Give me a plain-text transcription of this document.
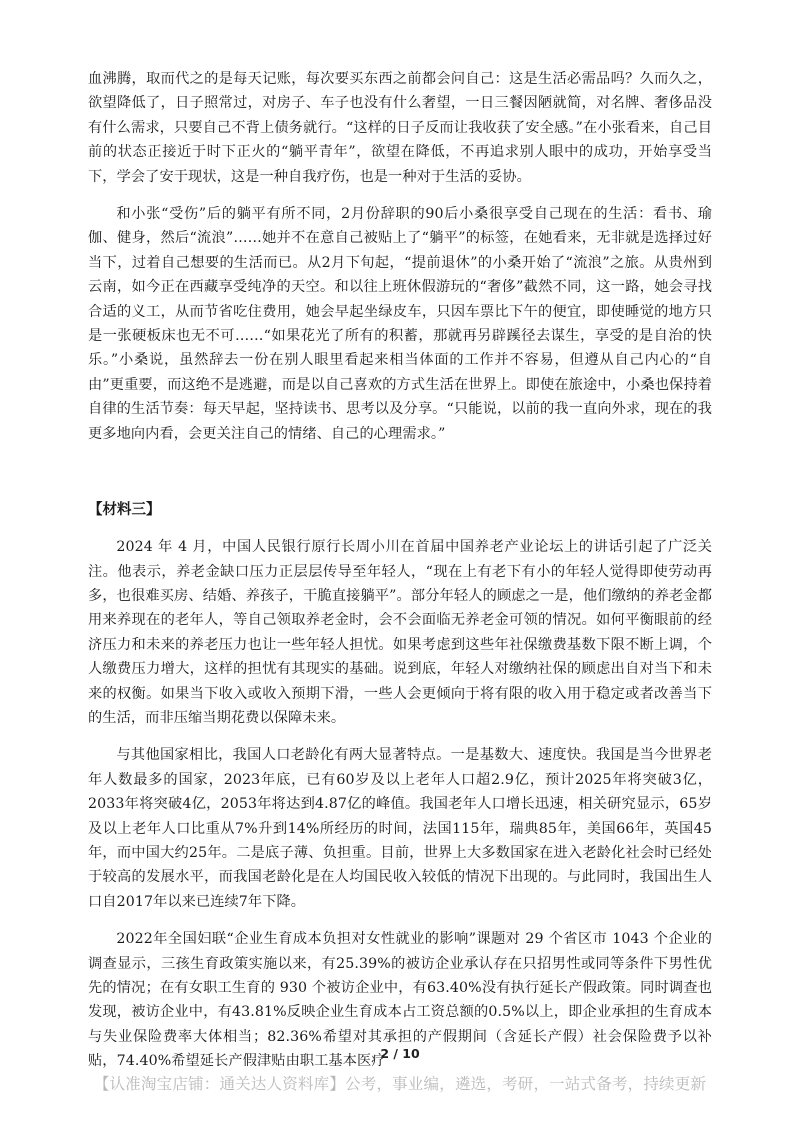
血沸腾，取而代之的是每天记账，每次要买东西之前都会问自己：这是生活必需品吗？久而久之，欲望降低了，日子照常过，对房子、车子也没有什么奢望，一日三餐因陋就简，对名牌、奢侈品没有什么需求，只要自己不背上债务就行。“这样的日子反而让我收获了安全感。”在小张看来，自己目前的状态正接近于时下正火的“躺平青年”，欲望在降低，不再追求别人眼中的成功，开始享受当下，学会了安于现状，这是一种自我疗伤，也是一种对于生活的妥协。

和小张“受伤”后的躺平有所不同，2月份辞职的90后小桑很享受自己现在的生活：看书、瑜伽、健身，然后“流浪”……她并不在意自己被贴上了“躺平”的标签，在她看来，无非就是选择过好当下，过着自己想要的生活而已。从2月下旬起，“提前退休”的小桑开始了“流浪”之旅。从贵州到云南，如今正在西藏享受纯净的天空。和以往上班休假游玩的“奢侈”截然不同，这一路，她会寻找合适的义工，从而节省吃住费用，她会早起坐绿皮车，只因车票比下午的便宜，即使睡觉的地方只是一张硬板床也无不可……“如果花光了所有的积蓄，那就再另辟蹊径去谋生，享受的是自治的快乐。”小桑说，虽然辞去一份在别人眼里看起来相当体面的工作并不容易，但遵从自己内心的“自由”更重要，而这绝不是逃避，而是以自己喜欢的方式生活在世界上。即使在旅途中，小桑也保持着自律的生活节奏：每天早起，坚持读书、思考以及分享。“只能说，以前的我一直向外求，现在的我更多地向内看，会更关注自己的情绪、自己的心理需求。”

【材料三】

2024 年 4 月，中国人民银行原行长周小川在首届中国养老产业论坛上的讲话引起了广泛关注。他表示，养老金缺口压力正层层传导至年轻人，“现在上有老下有小的年轻人觉得即使劳动再多，也很难买房、结婚、养孩子，干脆直接躺平”。部分年轻人的顾虑之一是，他们缴纳的养老金都用来养现在的老年人，等自己领取养老金时，会不会面临无养老金可领的情况。如何平衡眼前的经济压力和未来的养老压力也让一些年轻人担忧。如果考虑到这些年社保缴费基数下限不断上调，个人缴费压力增大，这样的担忧有其现实的基础。说到底，年轻人对缴纳社保的顾虑出自对当下和未来的权衡。如果当下收入或收入预期下滑，一些人会更倾向于将有限的收入用于稳定或者改善当下的生活，而非压缩当期花费以保障未来。

与其他国家相比，我国人口老龄化有两大显著特点。一是基数大、速度快。我国是当今世界老年人数最多的国家，2023年底，已有60岁及以上老年人口超2.9亿，预计2025年将突破3亿，2033年将突破4亿，2053年将达到4.87亿的峰值。我国老年人口增长迅速，相关研究显示，65岁及以上老年人口比重从7%升到14%所经历的时间，法国115年，瑞典85年，美国66年，英国45年，而中国大约25年。二是底子薄、负担重。目前，世界上大多数国家在进入老龄化社会时已经处于较高的发展水平，而我国老龄化是在人均国民收入较低的情况下出现的。与此同时，我国出生人口自2017年以来已连续7年下降。

2022年全国妇联“企业生育成本负担对女性就业的影响”课题对 29 个省区市 1043 个企业的调查显示，三孩生育政策实施以来，有25.39%的被访企业承认存在只招男性或同等条件下男性优先的情况；在有女职工生育的 930 个被访企业中，有63.40%没有执行延长产假政策。同时调查也发现，被访企业中，有43.81%反映企业生育成本占工资总额的0.5%以上，即企业承担的生育成本与失业保险费率大体相当；82.36%希望对其承担的产假期间（含延长产假）社会保险费予以补贴，74.40%希望延长产假津贴由职工基本医疗

2 / 10
【认准淘宝店铺：通关达人资料库】公考，事业编，遴选，考研，一站式备考，持续更新
